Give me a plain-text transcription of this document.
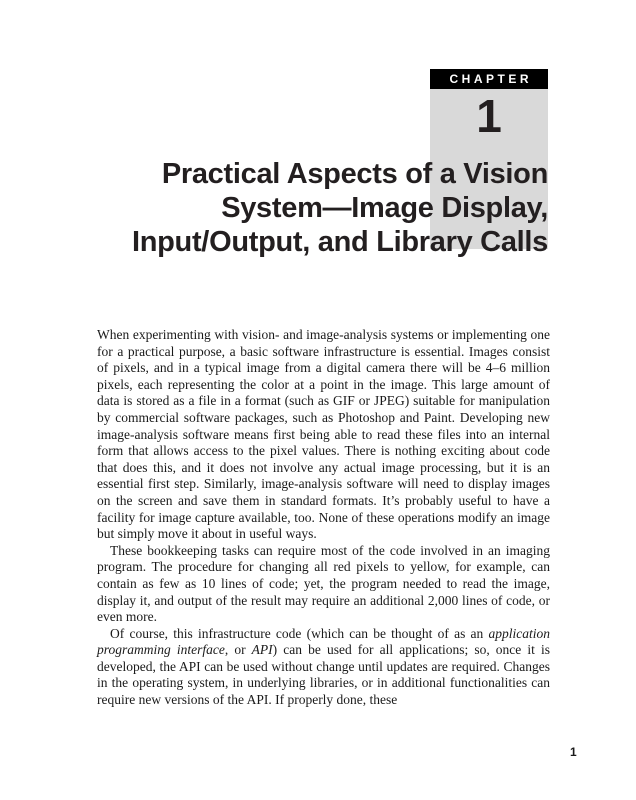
CHAPTER
1
Practical Aspects of a Vision
System—Image Display,
Input/Output, and Library Calls

When experimenting with vision- and image-analysis systems or implementing one for a practical purpose, a basic software infrastructure is essential. Images consist of pixels, and in a typical image from a digital camera there will be 4–6 million pixels, each representing the color at a point in the image. This large amount of data is stored as a file in a format (such as GIF or JPEG) suitable for manipulation by commercial software packages, such as Photoshop and Paint. Developing new image-analysis software means first being able to read these files into an internal form that allows access to the pixel values. There is nothing exciting about code that does this, and it does not involve any actual image processing, but it is an essential first step. Similarly, image-analysis software will need to display images on the screen and save them in standard formats. It’s probably useful to have a facility for image capture available, too. None of these operations modify an image but simply move it about in useful ways.

These bookkeeping tasks can require most of the code involved in an imaging program. The procedure for changing all red pixels to yellow, for example, can contain as few as 10 lines of code; yet, the program needed to read the image, display it, and output of the result may require an additional 2,000 lines of code, or even more.

Of course, this infrastructure code (which can be thought of as an application programming interface, or API) can be used for all applications; so, once it is developed, the API can be used without change until updates are required. Changes in the operating system, in underlying libraries, or in additional functionalities can require new versions of the API. If properly done, these

1
